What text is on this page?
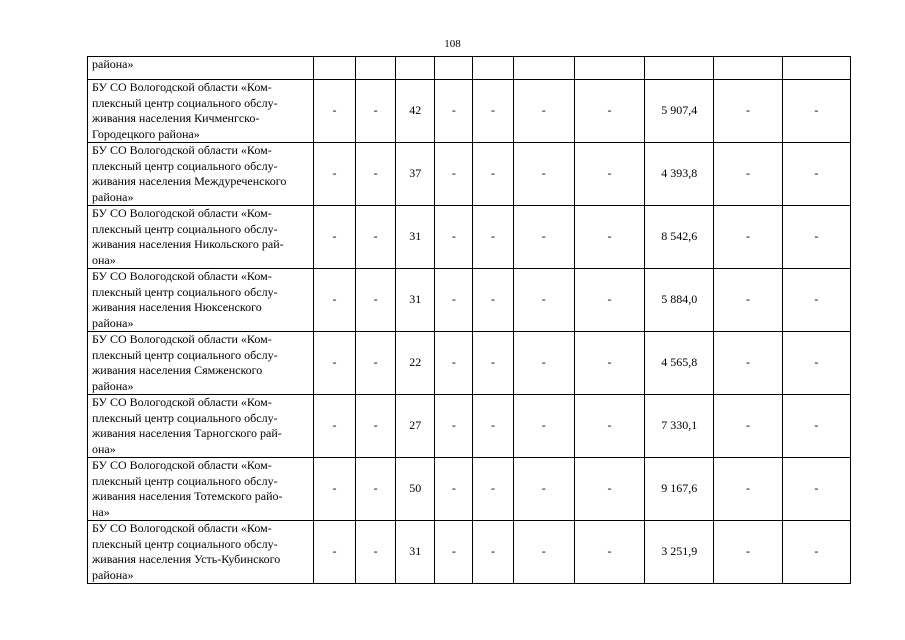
108
района»										

БУ СО Вологодской области «Ком-
плексный центр социального обслу-
живания населения Кичменгско-
Городецкого района»	-	-	42	-	-	-	-	5 907,4	-	-

БУ СО Вологодской области «Ком-
плексный центр социального обслу-
живания населения Междуреченского
района»	-	-	37	-	-	-	-	4 393,8	-	-

БУ СО Вологодской области «Ком-
плексный центр социального обслу-
живания населения Никольского рай-
она»	-	-	31	-	-	-	-	8 542,6	-	-

БУ СО Вологодской области «Ком-
плексный центр социального обслу-
живания населения Нюксенского
района»	-	-	31	-	-	-	-	5 884,0	-	-

БУ СО Вологодской области «Ком-
плексный центр социального обслу-
живания населения Сямженского
района»	-	-	22	-	-	-	-	4 565,8	-	-

БУ СО Вологодской области «Ком-
плексный центр социального обслу-
живания населения Тарногского рай-
она»	-	-	27	-	-	-	-	7 330,1	-	-

БУ СО Вологодской области «Ком-
плексный центр социального обслу-
живания населения Тотемского райо-
на»	-	-	50	-	-	-	-	9 167,6	-	-

БУ СО Вологодской области «Ком-
плексный центр социального обслу-
живания населения Усть-Кубинского
района»	-	-	31	-	-	-	-	3 251,9	-	-
